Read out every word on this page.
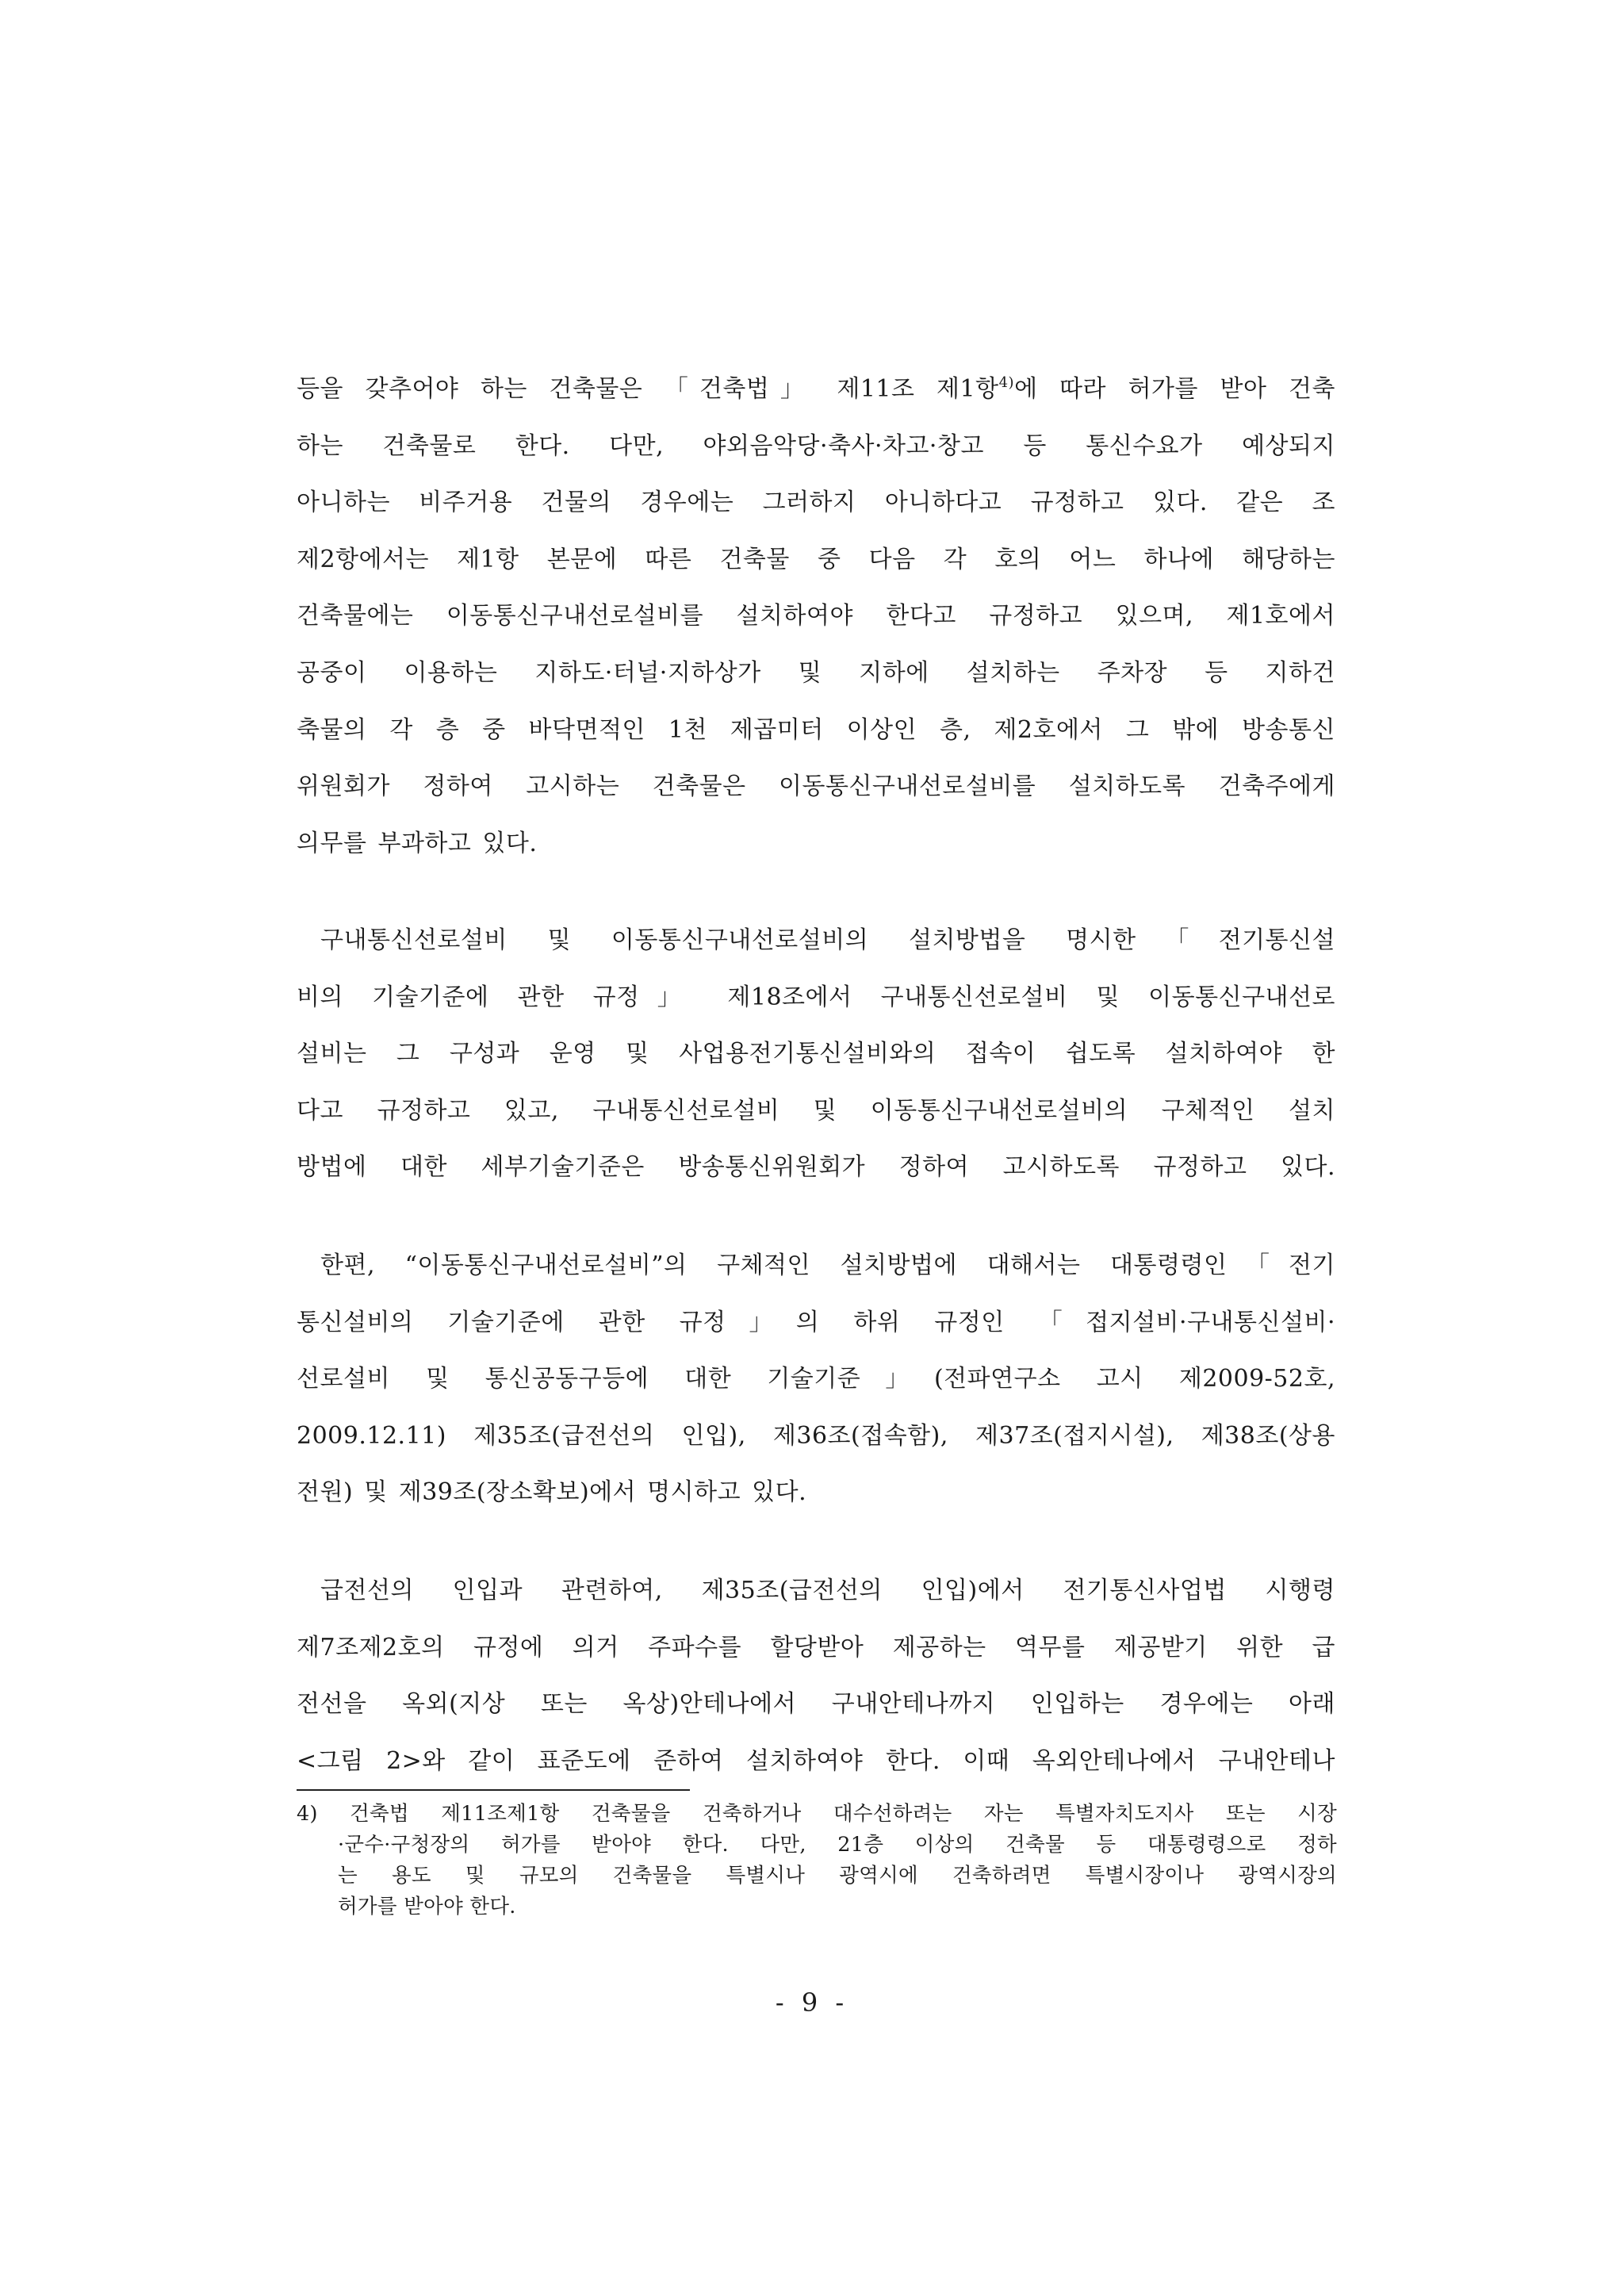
등을 갖추어야 하는 건축물은 「건축법」 제11조 제1항$^{4)}$에 따라 허가를 받아 건축
하는 건축물로 한다. 다만, 야외음악당·축사·차고·창고 등 통신수요가 예상되지
아니하는 비주거용 건물의 경우에는 그러하지 아니하다고 규정하고 있다. 같은 조
제2항에서는 제1항 본문에 따른 건축물 중 다음 각 호의 어느 하나에 해당하는
건축물에는 이동통신구내선로설비를 설치하여야 한다고 규정하고 있으며, 제1호에서
공중이 이용하는 지하도·터널·지하상가 및 지하에 설치하는 주차장 등 지하건
축물의 각 층 중 바닥면적인 1천 제곱미터 이상인 층, 제2호에서 그 밖에 방송통신
위원회가 정하여 고시하는 건축물은 이동통신구내선로설비를 설치하도록 건축주에게
의무를 부과하고 있다.
구내통신선로설비 및 이동통신구내선로설비의 설치방법을 명시한「전기통신설
비의 기술기준에 관한 규정」 제18조에서 구내통신선로설비 및 이동통신구내선로
설비는 그 구성과 운영 및 사업용전기통신설비와의 접속이 쉽도록 설치하여야 한
다고 규정하고 있고, 구내통신선로설비 및 이동통신구내선로설비의 구체적인 설치
방법에 대한 세부기술기준은 방송통신위원회가 정하여 고시하도록 규정하고 있다.
한편, “이동통신구내선로설비”의 구체적인 설치방법에 대해서는 대통령령인「전기
통신설비의 기술기준에 관한 규정」의 하위 규정인 「접지설비·구내통신설비·
선로설비 및 통신공동구등에 대한 기술기준」(전파연구소 고시 제2009-52호,
2009.12.11) 제35조(급전선의 인입), 제36조(접속함), 제37조(접지시설), 제38조(상용
전원) 및 제39조(장소확보)에서 명시하고 있다.
급전선의 인입과 관련하여, 제35조(급전선의 인입)에서 전기통신사업법 시행령
제7조제2호의 규정에 의거 주파수를 할당받아 제공하는 역무를 제공받기 위한 급
전선을 옥외(지상 또는 옥상)안테나에서 구내안테나까지 인입하는 경우에는 아래
<그림 2>와 같이 표준도에 준하여 설치하여야 한다. 이때 옥외안테나에서 구내안테나
4) 건축법 제11조제1항 건축물을 건축하거나 대수선하려는 자는 특별자치도지사 또는 시장
·군수·구청장의 허가를 받아야 한다. 다만, 21층 이상의 건축물 등 대통령령으로 정하
는 용도 및 규모의 건축물을 특별시나 광역시에 건축하려면 특별시장이나 광역시장의
허가를 받아야 한다.
- 9 -
